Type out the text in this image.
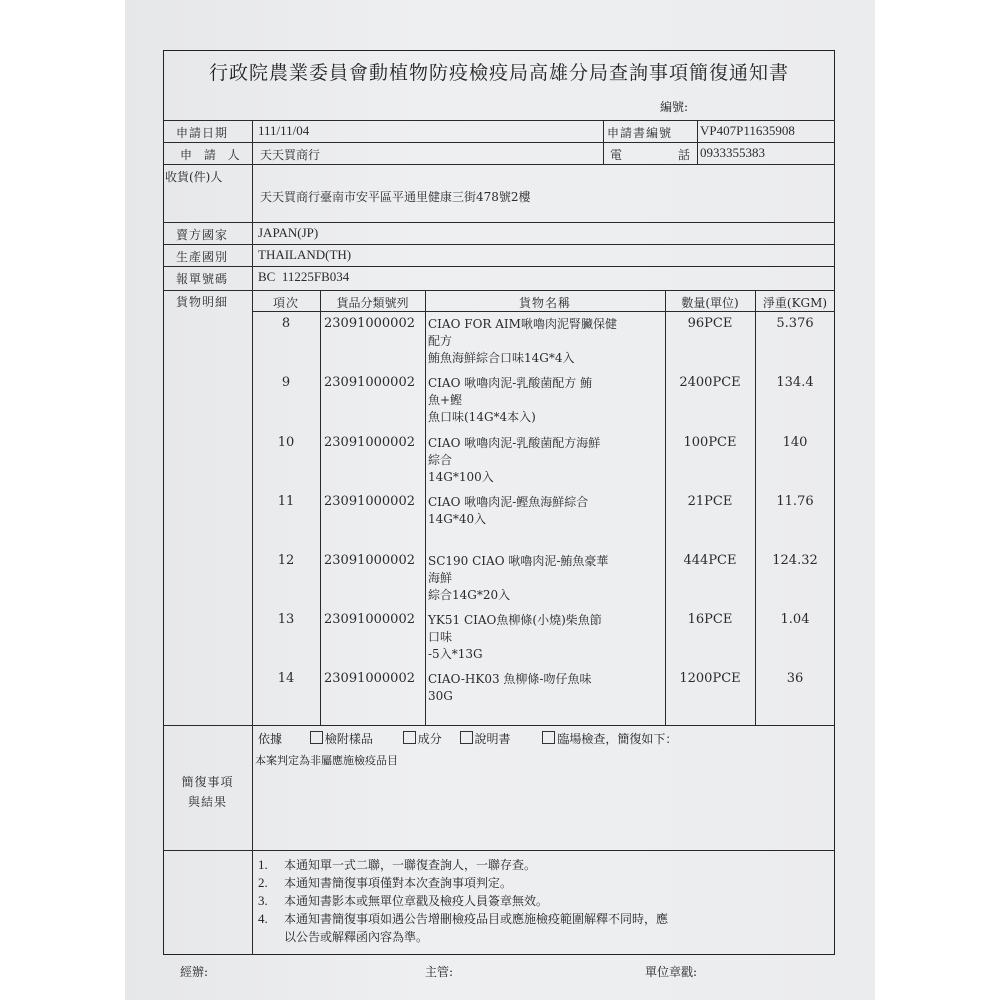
行政院農業委員會動植物防疫檢疫局高雄分局查詢事項簡復通知書
編號:
申請日期 111/11/04	申請書編號 VP407P11635908
申 請 人 天天買商行	電	話 0933355383
收貨(件)人
天天買商行臺南市安平區平通里健康三街478號2樓
賣方國家 JAPAN(JP)
生產國別 THAILAND(TH)
報單號碼 BC  11225FB034
貨物明細	項次	貨品分類號列	貨物名稱	數量(單位)	淨重(KGM)
8	23091000002 CIAO FOR AIM啾嚕肉泥腎臟保健
配方
鮪魚海鮮綜合口味14G*4入
96PCE	5.376
9	23091000002 CIAO 啾嚕肉泥-乳酸菌配方 鮪
魚+鰹
魚口味(14G*4本入)
2400PCE	134.4
10	23091000002 CIAO 啾嚕肉泥-乳酸菌配方海鮮
綜合
14G*100入
100PCE	140
11	23091000002 CIAO 啾嚕肉泥-鰹魚海鮮綜合
14G*40入
21PCE	11.76
12	23091000002 SC190 CIAO 啾嚕肉泥-鮪魚豪華
海鮮
綜合14G*20入
444PCE	124.32
13	23091000002 YK51 CIAO魚柳條(小燒)柴魚節
口味
-5入*13G
16PCE	1.04
14	23091000002 CIAO-HK03 魚柳條-吻仔魚味
30G
1200PCE	36
簡復事項
與結果
依據	檢附樣品	成分	說明書	臨場檢查，簡復如下：
本案判定為非屬應施檢疫品目
1. 本通知單一式二聯，一聯復查詢人，一聯存查。
2. 本通知書簡復事項僅對本次查詢事項判定。
3. 本通知書影本或無單位章戳及檢疫人員簽章無效。
4. 本通知書簡復事項如遇公告增刪檢疫品目或應施檢疫範圍解釋不同時，應
以公告或解釋函內容為準。
經辦:	主管:	單位章戳:
